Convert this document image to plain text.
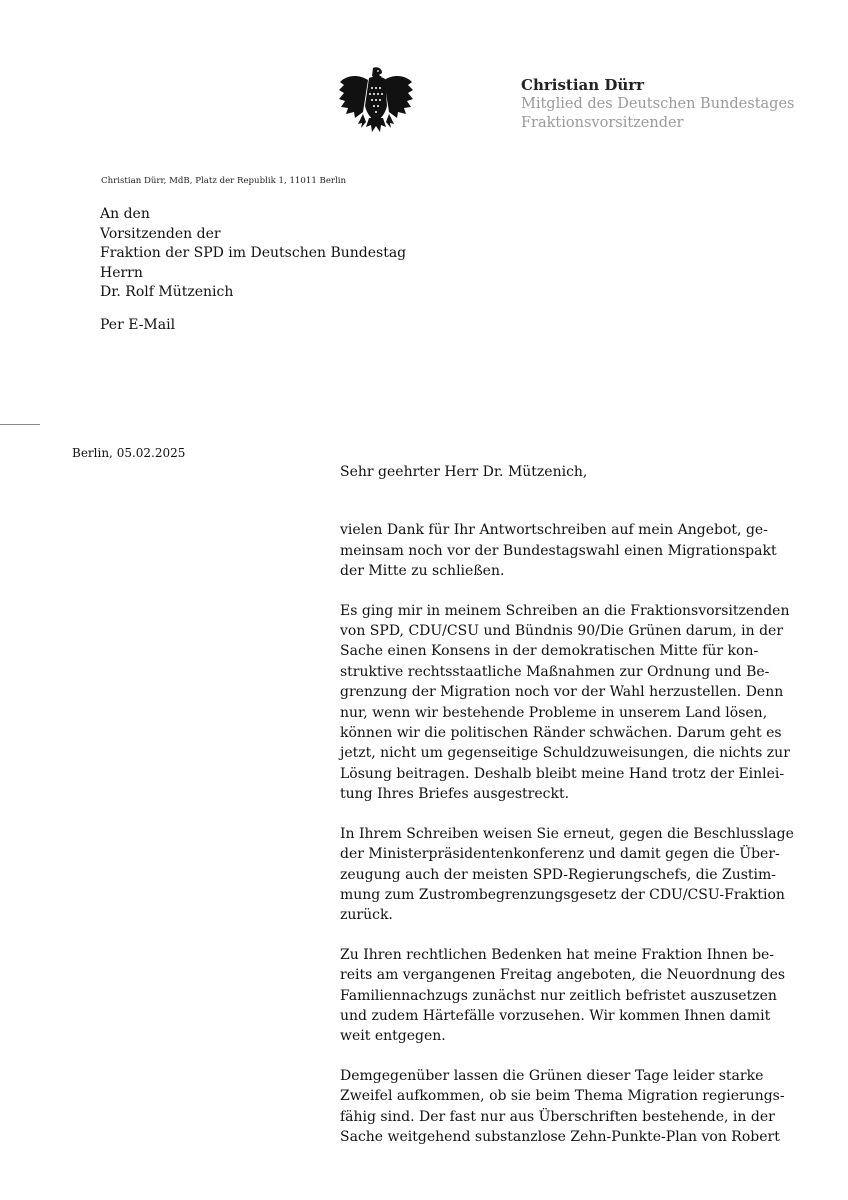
Christian Dürr
Mitglied des Deutschen Bundestages
Fraktionsvorsitzender
Christian Dürr, MdB, Platz der Republik 1, 11011 Berlin
An den
Vorsitzenden der
Fraktion der SPD im Deutschen Bundestag
Herrn
Dr. Rolf Mützenich
Per E-Mail
Berlin, 05.02.2025
Sehr geehrter Herr Dr. Mützenich,

vielen Dank für Ihr Antwortschreiben auf mein Angebot, ge-
meinsam noch vor der Bundestagswahl einen Migrationspakt
der Mitte zu schließen.

Es ging mir in meinem Schreiben an die Fraktionsvorsitzenden
von SPD, CDU/CSU und Bündnis 90/Die Grünen darum, in der
Sache einen Konsens in der demokratischen Mitte für kon-
struktive rechtsstaatliche Maßnahmen zur Ordnung und Be-
grenzung der Migration noch vor der Wahl herzustellen. Denn
nur, wenn wir bestehende Probleme in unserem Land lösen,
können wir die politischen Ränder schwächen. Darum geht es
jetzt, nicht um gegenseitige Schuldzuweisungen, die nichts zur
Lösung beitragen. Deshalb bleibt meine Hand trotz der Einlei-
tung Ihres Briefes ausgestreckt.

In Ihrem Schreiben weisen Sie erneut, gegen die Beschlusslage
der Ministerpräsidentenkonferenz und damit gegen die Über-
zeugung auch der meisten SPD-Regierungschefs, die Zustim-
mung zum Zustrombegrenzungsgesetz der CDU/CSU-Fraktion
zurück.

Zu Ihren rechtlichen Bedenken hat meine Fraktion Ihnen be-
reits am vergangenen Freitag angeboten, die Neuordnung des
Familiennachzugs zunächst nur zeitlich befristet auszusetzen
und zudem Härtefälle vorzusehen. Wir kommen Ihnen damit
weit entgegen.

Demgegenüber lassen die Grünen dieser Tage leider starke
Zweifel aufkommen, ob sie beim Thema Migration regierungs-
fähig sind. Der fast nur aus Überschriften bestehende, in der
Sache weitgehend substanzlose Zehn-Punkte-Plan von Robert
